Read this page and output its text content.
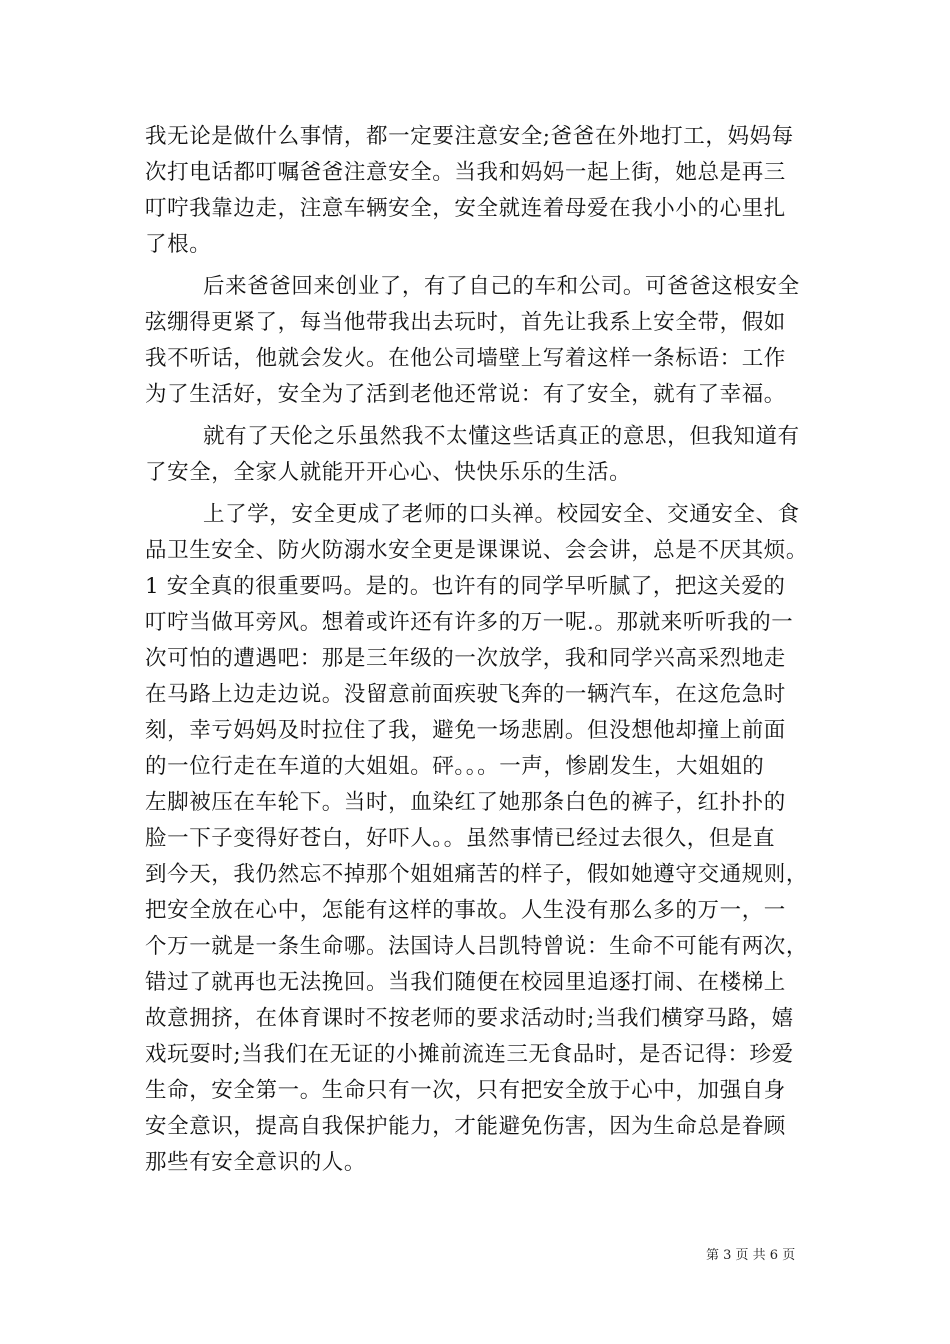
我无论是做什么事情，都一定要注意安全;爸爸在外地打工，妈妈每
次打电话都叮嘱爸爸注意安全。当我和妈妈一起上街，她总是再三
叮咛我靠边走，注意车辆安全，安全就连着母爱在我小小的心里扎
了根。
后来爸爸回来创业了，有了自己的车和公司。可爸爸这根安全
弦绷得更紧了，每当他带我出去玩时，首先让我系上安全带，假如
我不听话，他就会发火。在他公司墙壁上写着这样一条标语：工作
为了生活好，安全为了活到老他还常说：有了安全，就有了幸福。
就有了天伦之乐虽然我不太懂这些话真正的意思，但我知道有
了安全，全家人就能开开心心、快快乐乐的生活。
上了学，安全更成了老师的口头禅。校园安全、交通安全、食
品卫生安全、防火防溺水安全更是课课说、会会讲，总是不厌其烦。
1 安全真的很重要吗。是的。也许有的同学早听腻了，把这关爱的
叮咛当做耳旁风。想着或许还有许多的万一呢.。那就来听听我的一
次可怕的遭遇吧：那是三年级的一次放学，我和同学兴高采烈地走
在马路上边走边说。没留意前面疾驶飞奔的一辆汽车，在这危急时
刻，幸亏妈妈及时拉住了我，避免一场悲剧。但没想他却撞上前面
的一位行走在车道的大姐姐。砰。。。一声，惨剧发生，大姐姐的
左脚被压在车轮下。当时，血染红了她那条白色的裤子，红扑扑的
脸一下子变得好苍白，好吓人。。虽然事情已经过去很久，但是直
到今天，我仍然忘不掉那个姐姐痛苦的样子，假如她遵守交通规则，
把安全放在心中，怎能有这样的事故。人生没有那么多的万一，一
个万一就是一条生命哪。法国诗人吕凯特曾说：生命不可能有两次，
错过了就再也无法挽回。当我们随便在校园里追逐打闹、在楼梯上
故意拥挤，在体育课时不按老师的要求活动时;当我们横穿马路，嬉
戏玩耍时;当我们在无证的小摊前流连三无食品时，是否记得：珍爱
生命，安全第一。生命只有一次，只有把安全放于心中，加强自身
安全意识，提高自我保护能力，才能避免伤害，因为生命总是眷顾
那些有安全意识的人。
第 3 页 共 6 页
